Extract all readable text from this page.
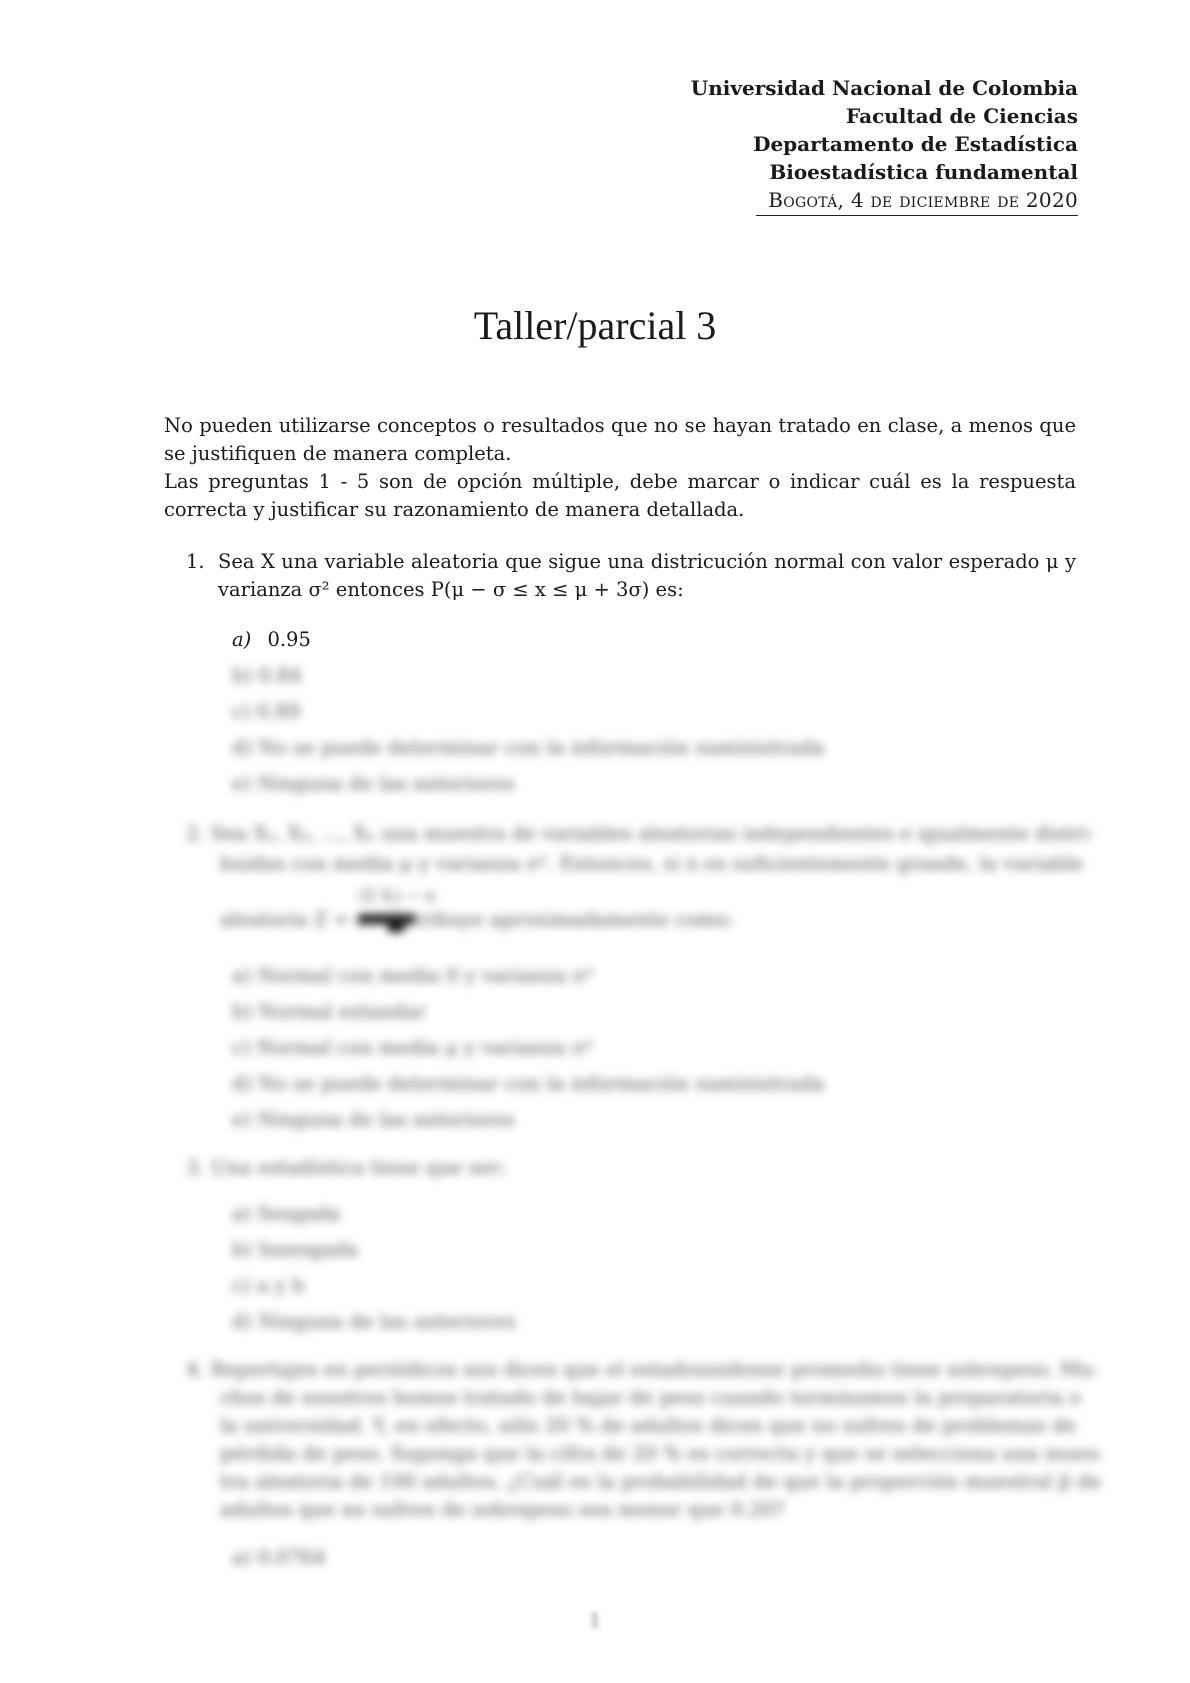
Universidad Nacional de Colombia
Facultad de Ciencias
Departamento de Estadística
Bioestadística fundamental
Bogotá, 4 de diciembre de 2020
Taller/parcial 3

No pueden utilizarse conceptos o resultados que no se hayan tratado en clase, a menos que se justifiquen de manera completa.

Las preguntas 1 - 5 son de opción múltiple, debe marcar o indicar cuál es la respuesta correcta y justificar su razonamiento de manera detallada.

1. Sea X una variable aleatoria que sigue una districución normal con valor esperado μ y varianza σ² entonces P(μ − σ ≤ x ≤ μ + 3σ) es:
a) 0.95
b) 0.84
c) 0.89
d) No se puede determinar con la información suministrada
e) Ninguna de las anteriores
2. Sea X₁, X₂, ..., Xₙ una muestra de variables aleatorias independientes e igualmente distri-
buidas con media μ y varianza σ². Entonces, si n es suficientemente grande, la variable
(Σ Xᵢ) − n
aleatoria Z = se distribuye aproximadamente como:
a) Normal con media 0 y varianza σ²
b) Normal estandar
c) Normal con media μ y varianza σ²
d) No se puede determinar con la información suministrada
e) Ninguna de las anteriores
3. Una estadística tiene que ser:
a) Sesgada
b) Insesgada
c) a y b
d) Ninguna de las anteriores
4. Reportajes en periódicos nos dicen que el estadounidense promedio tiene sobrepeso. Mu-
chos de nosotros hemos tratado de bajar de peso cuando terminamos la preparatoria o
la universidad. Y, en efecto, sólo 20 % de adultos dicen que no sufren de problemas de
pérdida de peso. Suponga que la cifra de 20 % es correcta y que se selecciona una mues-
tra aleatoria de 100 adultos. ¿Cuál es la probabilidad de que la proporción muestral p̂ de
adultos que no sufren de sobrepeso sea menor que 0.20?
a) 0.0764
1
